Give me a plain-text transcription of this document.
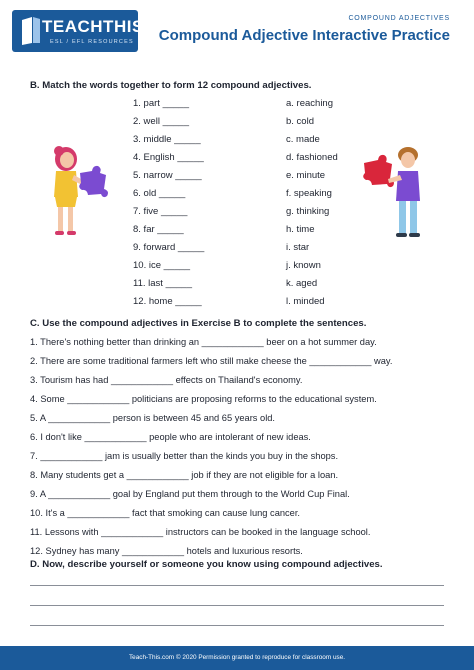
TEACHTHIS
ESL / EFL RESOURCES
COMPOUND ADJECTIVES
Compound Adjective Interactive Practice
B. Match the words together to form 12 compound adjectives.
1. part _____
2. well _____
3. middle _____
4. English _____
5. narrow _____
6. old _____
7. five _____
8. far _____
9. forward _____
10. ice _____
11. last _____
12. home _____
a. reaching
b. cold
c. made
d. fashioned
e. minute
f. speaking
g. thinking
h. time
i. star
j. known
k. aged
l. minded
C. Use the compound adjectives in Exercise B to complete the sentences.
1. There's nothing better than drinking an ____________ beer on a hot summer day.
2. There are some traditional farmers left who still make cheese the ____________ way.
3. Tourism has had ____________ effects on Thailand's economy.
4. Some ____________ politicians are proposing reforms to the educational system.
5. A ____________ person is between 45 and 65 years old.
6. I don't like ____________ people who are intolerant of new ideas.
7. ____________ jam is usually better than the kinds you buy in the shops.
8. Many students get a ____________ job if they are not eligible for a loan.
9. A ____________ goal by England put them through to the World Cup Final.
10. It's a ____________ fact that smoking can cause lung cancer.
11. Lessons with ____________ instructors can be booked in the language school.
12. Sydney has many ____________ hotels and luxurious resorts.
D. Now, describe yourself or someone you know using compound adjectives.
Teach-This.com © 2020 Permission granted to reproduce for classroom use.
